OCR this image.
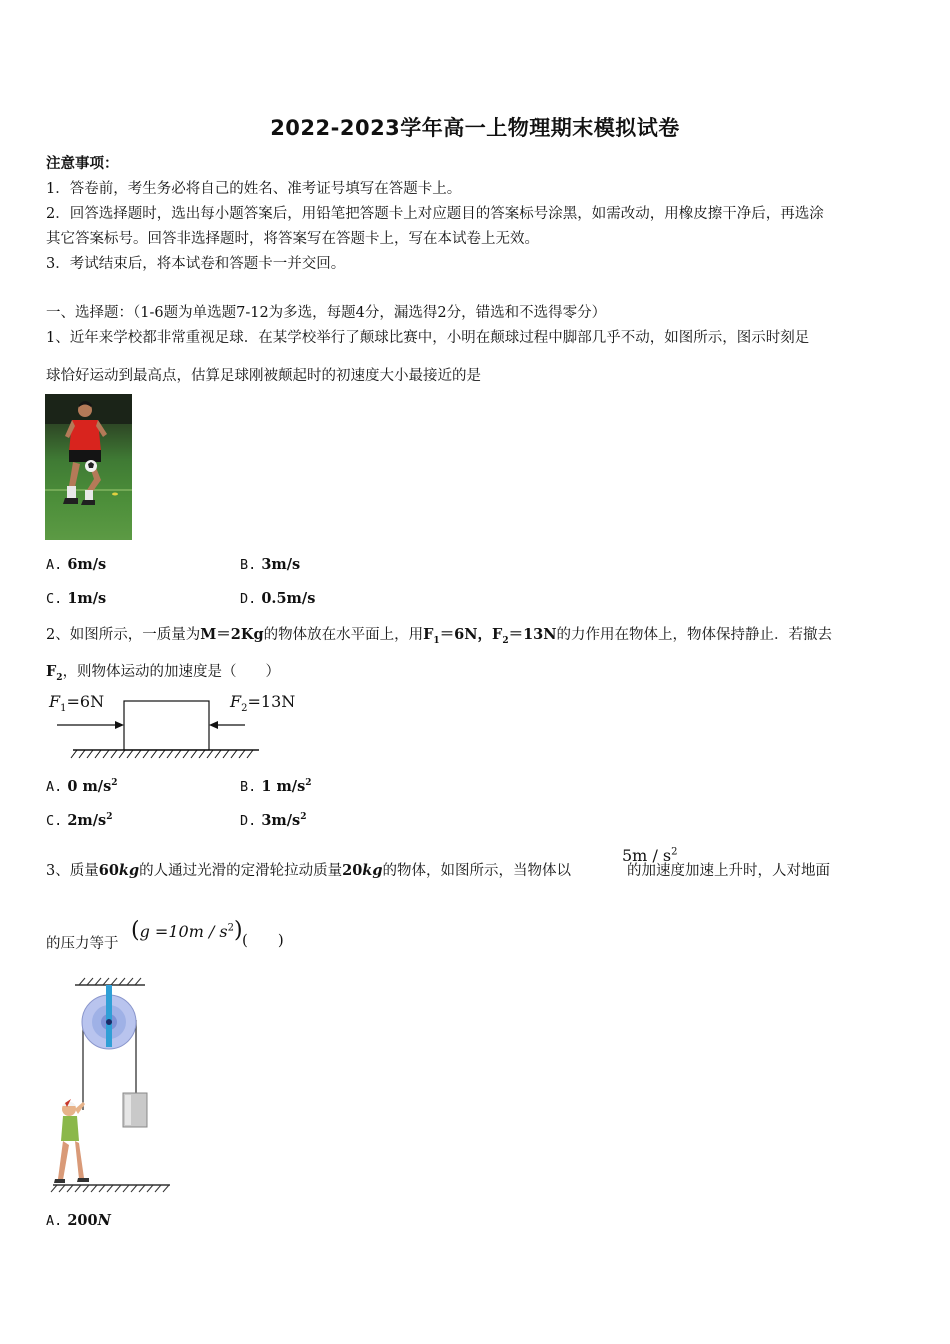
2022-2023学年高一上物理期末模拟试卷
注意事项：
1．答卷前，考生务必将自己的姓名、准考证号填写在答题卡上。
2．回答选择题时，选出每小题答案后，用铅笔把答题卡上对应题目的答案标号涂黑，如需改动，用橡皮擦干净后，再选涂
其它答案标号。回答非选择题时，将答案写在答题卡上，写在本试卷上无效。
3．考试结束后，将本试卷和答题卡一并交回。
一、选择题：（1-6题为单选题7-12为多选，每题4分，漏选得2分，错选和不选得零分）
1、近年来学校都非常重视足球．在某学校举行了颠球比赛中，小明在颠球过程中脚部几乎不动，如图所示，图示时刻足
球恰好运动到最高点，估算足球刚被颠起时的初速度大小最接近的是
A. 6m/s	B. 3m/s
C. 1m/s	D. 0.5m/s
2、如图所示，一质量为M＝2Kg的物体放在水平面上，用$F_1=6N$，$F_2=13N$的力作用在物体上，物体保持静止．若撤去
$F_2$，则物体运动的加速度是（　　）
$F_1=6N$	$F_2=13N$
A. 0 $m/s^2$	B. 1 $m/s^2$
C. $2m/s^2$	D. $3m/s^2$
3、质量60kg的人通过光滑的定滑轮拉动质量20kg的物体，如图所示，当物体以	的加速度加速上升时，人对地面
$5m / s^2$
的压力等于
$(g =10m / s^2)$ (　　)
A. 200N
